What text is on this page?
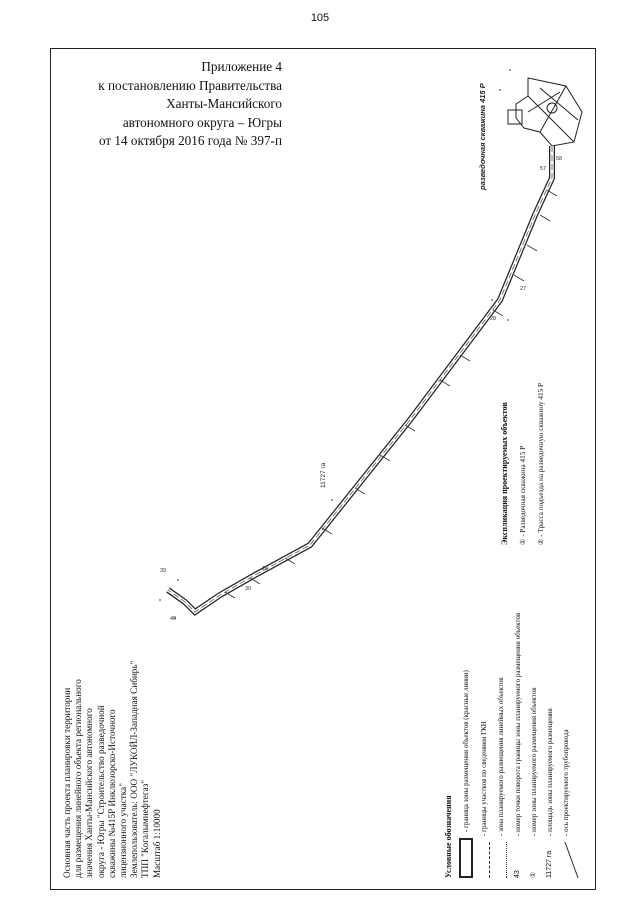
105
Приложение 4
к постановлению Правительства
Ханты-Мансийского
автономного округа – Югры
от 14 октября 2016 года № 397-п
57
58
27
28
26
30
39
40
разведочная скважина 415 Р
11727 га	Экспликация проектируемых объектов ① - Разведочная скважина 415 Р ② - Трасса подъезда на разведочную скважину 415 Р
Условные обозначения
- граница зоны размещения объектов (красные линии) - границы участков по сведениям ГКН - зона планируемого размещения линейных объектов
43
- номер точки поворота границы зоны планируемого размещения объектов
①
- номер зоны планируемого размещения объектов
11727 га
- площадь зоны планируемого размещения - ось проектируемого трубопровода
Основная часть проекта планировки территории для размещения линейного объекта регионального значения Ханты-Мансийского автономного округа - Югры "Строительство разведочной скважины №415Р Инклюзорско-Источного лицензионного участка" Землепользователь: ООО "ЛУКОЙЛ-Западная Сибирь" ТПП "Когалымнефтегаз" Масштаб 1:10000
